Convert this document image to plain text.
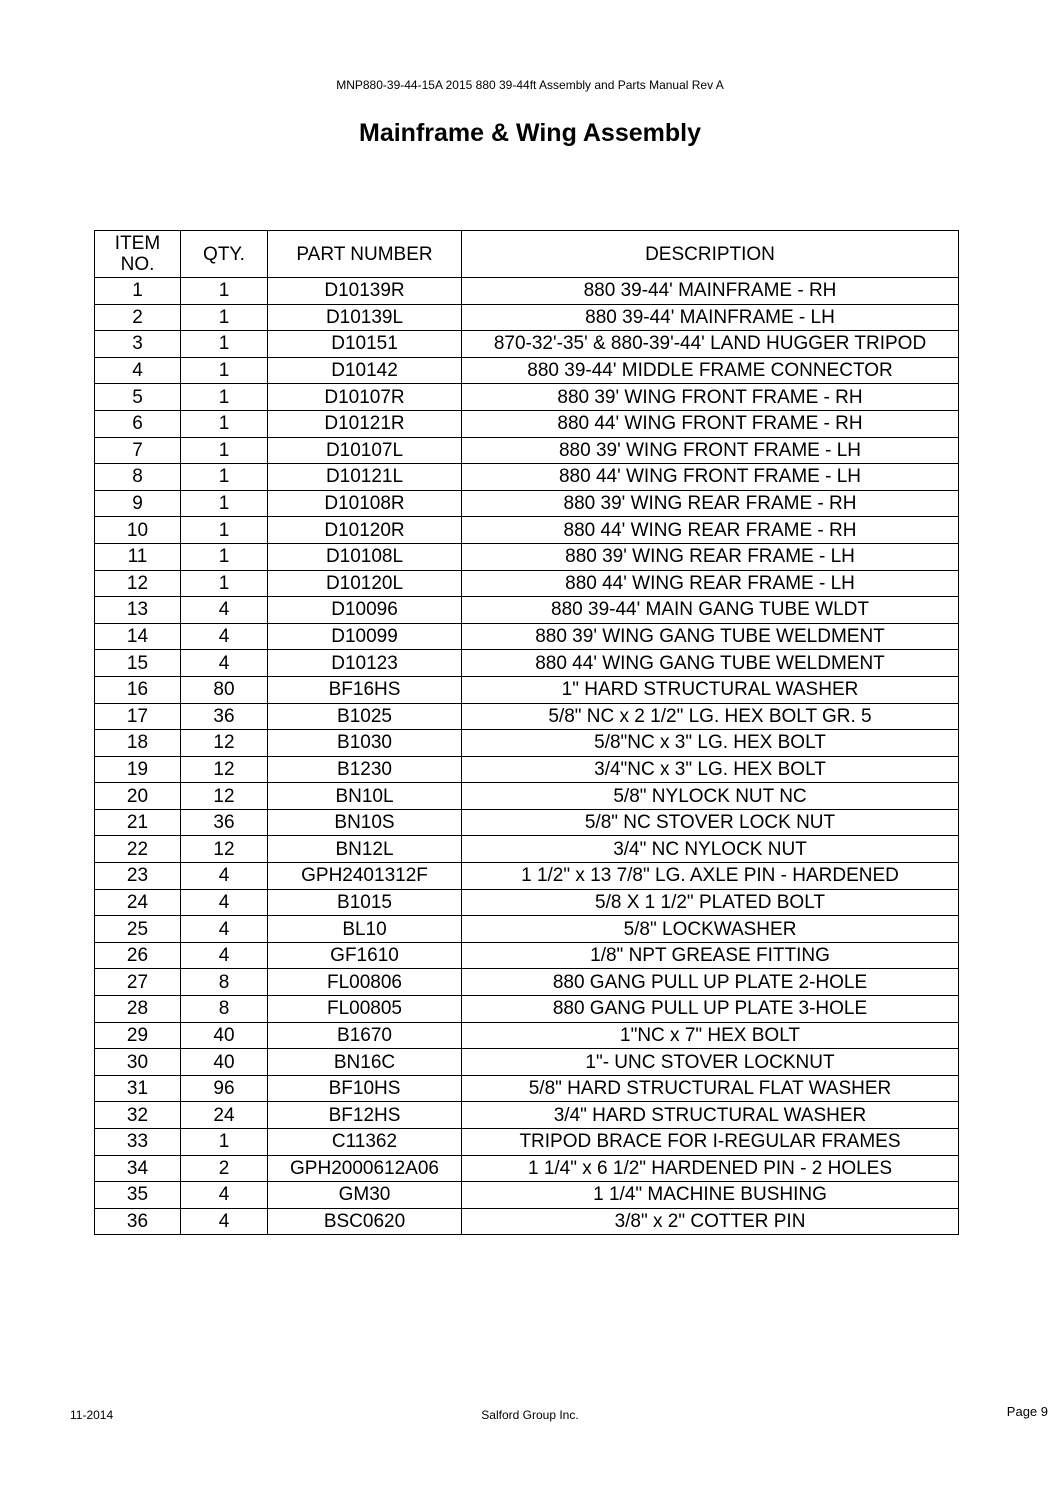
MNP880-39-44-15A 2015 880 39-44ft Assembly and Parts Manual Rev A
Mainframe & Wing Assembly
ITEM
NO.	QTY.	PART NUMBER	DESCRIPTION
1	1	D10139R	880 39-44' MAINFRAME - RH
2	1	D10139L	880 39-44' MAINFRAME - LH
3	1	D10151	870-32'-35' & 880-39'-44' LAND HUGGER TRIPOD
4	1	D10142	880 39-44' MIDDLE FRAME CONNECTOR
5	1	D10107R	880 39' WING FRONT FRAME - RH
6	1	D10121R	880 44' WING FRONT FRAME - RH
7	1	D10107L	880 39' WING FRONT FRAME - LH
8	1	D10121L	880 44' WING FRONT FRAME - LH
9	1	D10108R	880 39' WING REAR FRAME - RH
10	1	D10120R	880 44' WING REAR FRAME - RH
11	1	D10108L	880 39' WING REAR FRAME - LH
12	1	D10120L	880 44' WING REAR FRAME - LH
13	4	D10096	880 39-44' MAIN GANG TUBE WLDT
14	4	D10099	880 39' WING GANG TUBE WELDMENT
15	4	D10123	880 44' WING GANG TUBE WELDMENT
16	80	BF16HS	1" HARD STRUCTURAL WASHER
17	36	B1025	5/8" NC x 2 1/2" LG. HEX BOLT GR. 5
18	12	B1030	5/8"NC x 3" LG. HEX BOLT
19	12	B1230	3/4"NC x 3" LG. HEX BOLT
20	12	BN10L	5/8" NYLOCK NUT NC
21	36	BN10S	5/8" NC STOVER LOCK NUT
22	12	BN12L	3/4" NC NYLOCK NUT
23	4	GPH2401312F	1 1/2" x 13 7/8" LG. AXLE PIN - HARDENED
24	4	B1015	5/8 X 1 1/2" PLATED BOLT
25	4	BL10	5/8" LOCKWASHER
26	4	GF1610	1/8" NPT GREASE FITTING
27	8	FL00806	880 GANG PULL UP PLATE 2-HOLE
28	8	FL00805	880 GANG PULL UP PLATE 3-HOLE
29	40	B1670	1"NC x 7" HEX BOLT
30	40	BN16C	1"- UNC STOVER LOCKNUT
31	96	BF10HS	5/8" HARD STRUCTURAL FLAT WASHER
32	24	BF12HS	3/4" HARD STRUCTURAL WASHER
33	1	C11362	TRIPOD BRACE FOR I-REGULAR FRAMES
34	2	GPH2000612A06	1 1/4" x 6 1/2" HARDENED PIN - 2 HOLES
35	4	GM30	1 1/4" MACHINE BUSHING
36	4	BSC0620	3/8" x 2" COTTER PIN
11-2014	Salford Group Inc.	Page 9
